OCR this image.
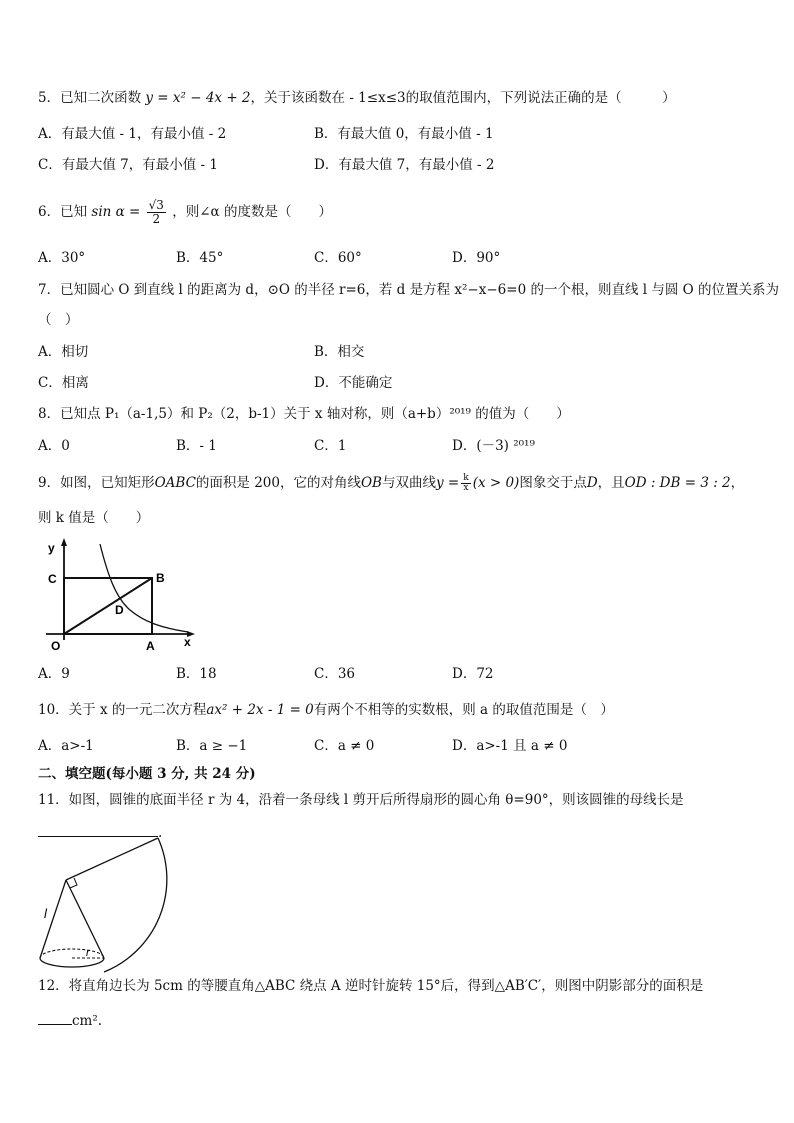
5．已知二次函数 y = x² − 4x + 2，关于该函数在 - 1≤x≤3的取值范围内，下列说法正确的是（　　　）
A．有最大值 - 1，有最小值 - 2	B．有最大值 0，有最小值 - 1
C．有最大值 7，有最小值 - 1	D．有最大值 7，有最小值 - 2
6．已知 $\sin \alpha = \frac{√3}{2}$ ，则∠α 的度数是（　　）
A．30°	B．45°	C．60°	D．90°
7．已知圆心 O 到直线 l 的距离为 d，⊙O 的半径 r=6，若 d 是方程 x²−x−6=0 的一个根，则直线 l 与圆 O 的位置关系为
（　）
A．相切	B．相交
C．相离	D．不能确定
8．已知点 P₁（a-1,5）和 P₂（2，b-1）关于 x 轴对称，则（a+b）²⁰¹⁹ 的值为（　　）
A．0	B．- 1	C．1	D．(－3) ²⁰¹⁹
9．如图，已知矩形OABC的面积是 200，它的对角线OB与双曲线$y = \frac{k}{x} (x > 0)$图象交于点D，且OD : DB = 3 : 2，
则 k 值是（　　）
y
x
C	B
D
O	A
A．9	B．18	C．36	D．72
10．关于 x 的一元二次方程ax² + 2x - 1 = 0有两个不相等的实数根，则 a 的取值范围是（　）
A．a>-1	B．a ≥ −1	C．a ≠ 0	D．a>-1 且 a ≠ 0
二、填空题(每小题 3 分, 共 24 分)
11．如图，圆锥的底面半径 r 为 4，沿着一条母线 l 剪开后所得扇形的圆心角 θ=90°，则该圆锥的母线长是
.
l
r
12．将直角边长为 5cm 的等腰直角△ABC 绕点 A 逆时针旋转 15°后，得到△AB′C′，则图中阴影部分的面积是
cm².
